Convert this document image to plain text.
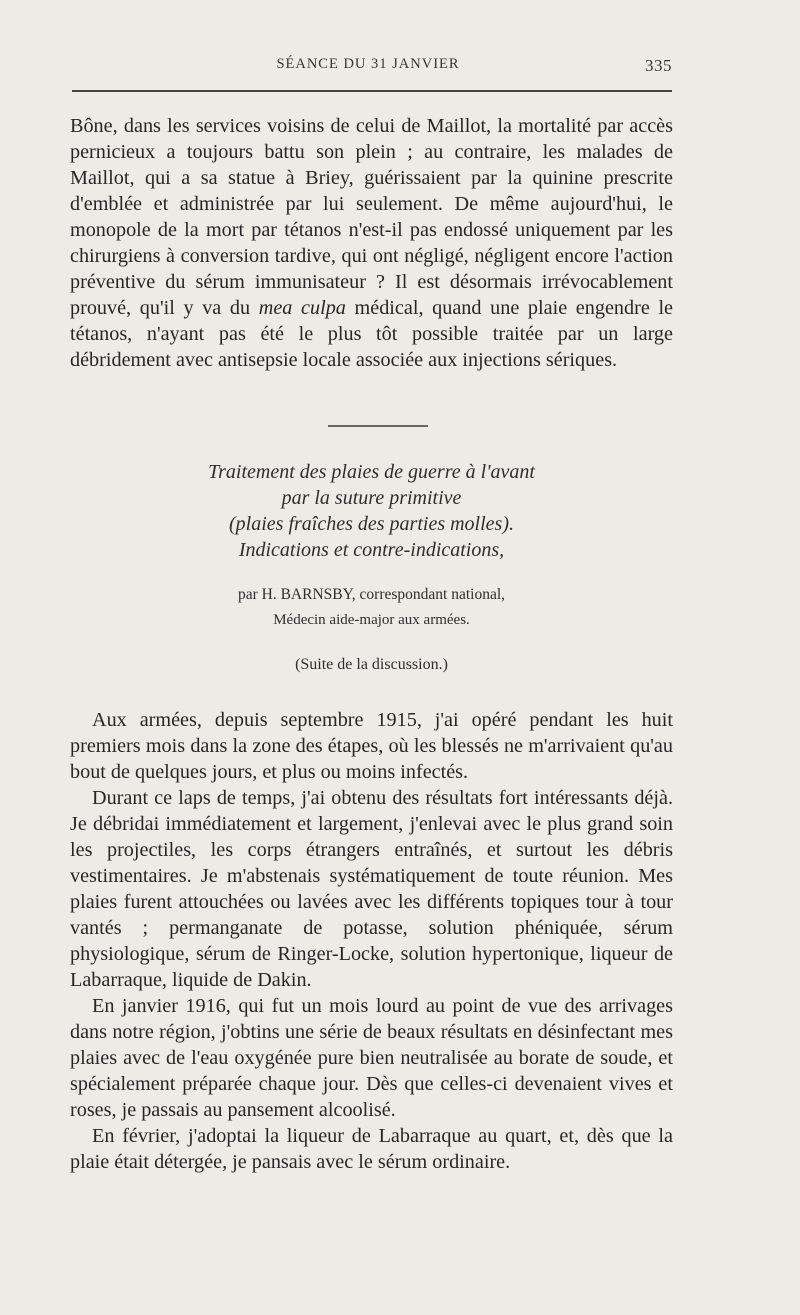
SÉANCE DU 31 JANVIER	335

Bône, dans les services voisins de celui de Maillot, la mortalité par accès pernicieux a toujours battu son plein ; au contraire, les malades de Maillot, qui a sa statue à Briey, guérissaient par la quinine prescrite d'emblée et administrée par lui seulement. De même aujourd'hui, le monopole de la mort par tétanos n'est-il pas endossé uniquement par les chirurgiens à conversion tardive, qui ont négligé, négligent encore l'action préventive du sérum immunisateur ? Il est désormais irrévocablement prouvé, qu'il y va du mea culpa médical, quand une plaie engendre le tétanos, n'ayant pas été le plus tôt possible traitée par un large débridement avec antisepsie locale associée aux injections sériques.

Traitement des plaies de guerre à l'avant
par la suture primitive
(plaies fraîches des parties molles).
Indications et contre-indications,
par H. BARNSBY, correspondant national,
Médecin aide-major aux armées.
(Suite de la discussion.)

Aux armées, depuis septembre 1915, j'ai opéré pendant les huit premiers mois dans la zone des étapes, où les blessés ne m'arrivaient qu'au bout de quelques jours, et plus ou moins infectés.

Durant ce laps de temps, j'ai obtenu des résultats fort intéressants déjà. Je débridai immédiatement et largement, j'enlevai avec le plus grand soin les projectiles, les corps étrangers entraînés, et surtout les débris vestimentaires. Je m'abstenais systématiquement de toute réunion. Mes plaies furent attouchées ou lavées avec les différents topiques tour à tour vantés ; permanganate de potasse, solution phéniquée, sérum physiologique, sérum de Ringer-Locke, solution hypertonique, liqueur de Labarraque, liquide de Dakin.

En janvier 1916, qui fut un mois lourd au point de vue des arrivages dans notre région, j'obtins une série de beaux résultats en désinfectant mes plaies avec de l'eau oxygénée pure bien neutralisée au borate de soude, et spécialement préparée chaque jour. Dès que celles-ci devenaient vives et roses, je passais au pansement alcoolisé.

En février, j'adoptai la liqueur de Labarraque au quart, et, dès que la plaie était détergée, je pansais avec le sérum ordinaire.
